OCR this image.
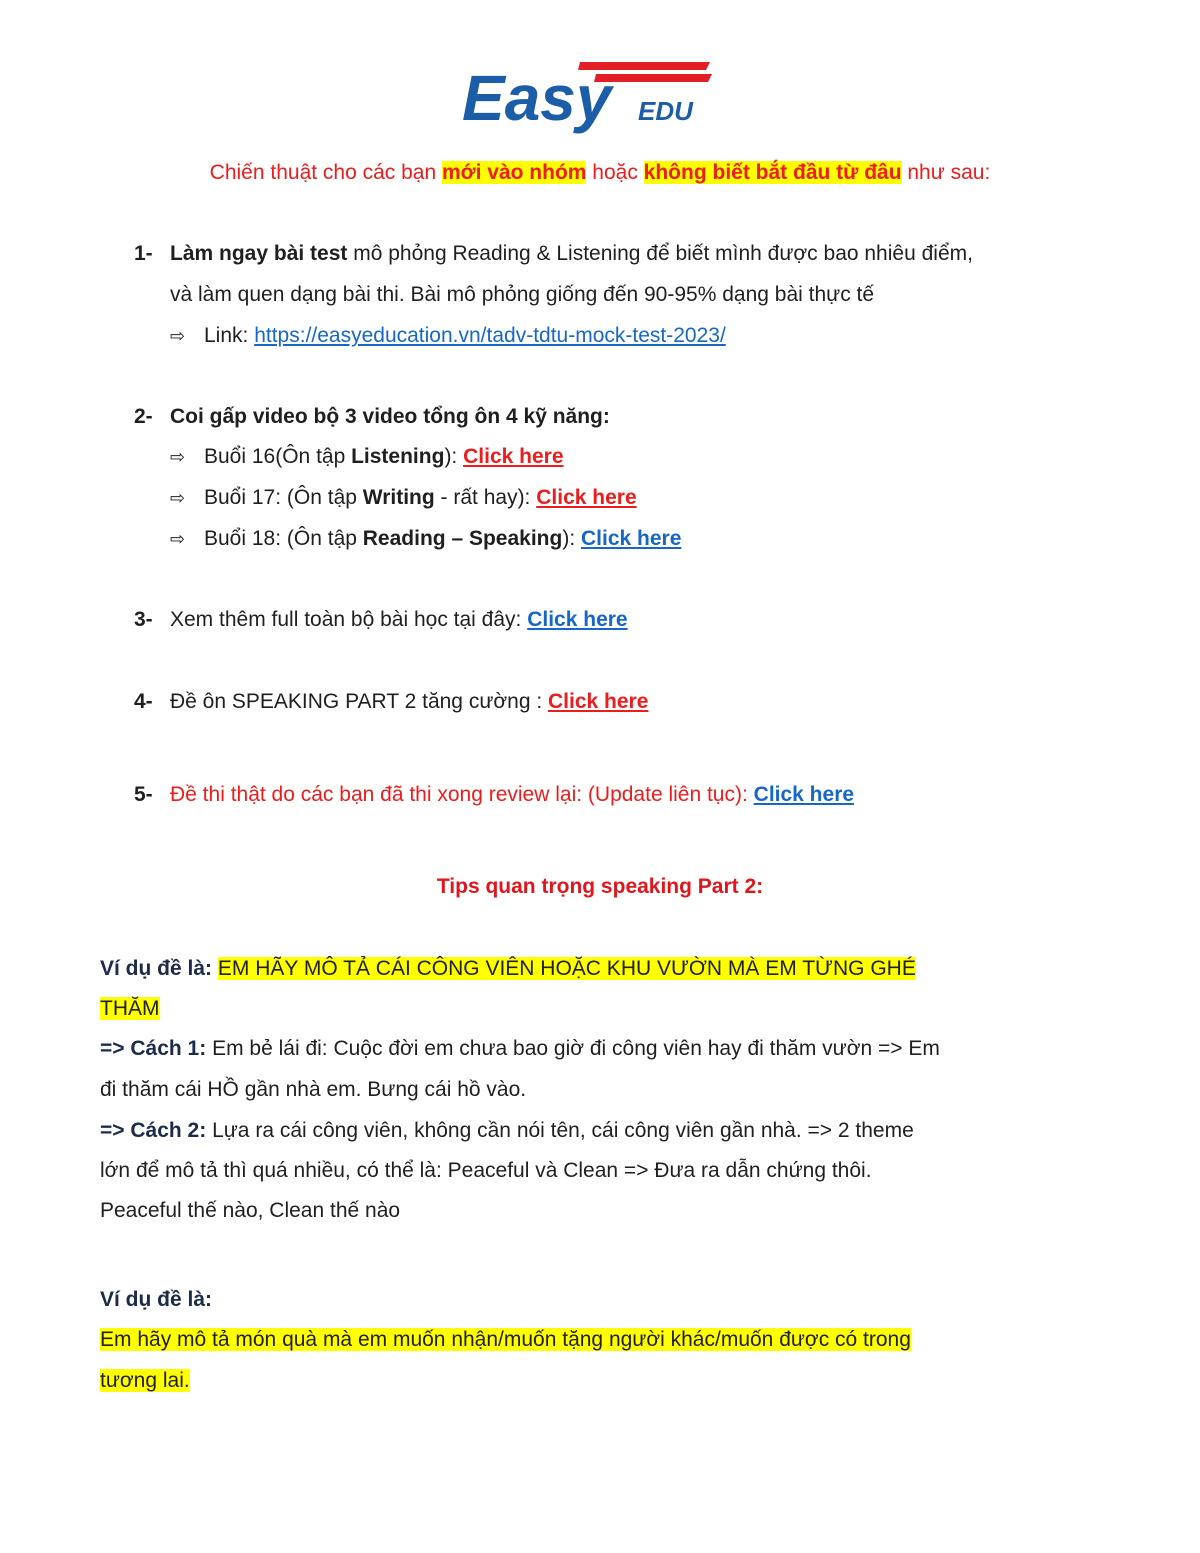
Easy EDU
Chiến thuật cho các bạn mới vào nhóm hoặc không biết bắt đầu từ đâu như sau:
1- Làm ngay bài test mô phỏng Reading & Listening để biết mình được bao nhiêu điểm,
và làm quen dạng bài thi. Bài mô phỏng giống đến 90-95% dạng bài thực tế
⇨ Link: https://easyeducation.vn/tadv-tdtu-mock-test-2023/
2- Coi gấp video bộ 3 video tổng ôn 4 kỹ năng:
⇨ Buổi 16(Ôn tập Listening): Click here
⇨ Buổi 17: (Ôn tập Writing - rất hay): Click here
⇨ Buổi 18: (Ôn tập Reading – Speaking): Click here
3- Xem thêm full toàn bộ bài học tại đây: Click here
4- Đề ôn SPEAKING PART 2 tăng cường : Click here
5- Đề thi thật do các bạn đã thi xong review lại: (Update liên tục): Click here
Tips quan trọng speaking Part 2:
Ví dụ đề là: EM HÃY MÔ TẢ CÁI CÔNG VIÊN HOẶC KHU VƯỜN MÀ EM TỪNG GHÉ
THĂM
=> Cách 1: Em bẻ lái đi: Cuộc đời em chưa bao giờ đi công viên hay đi thăm vườn => Em
đi thăm cái HỒ gần nhà em. Bưng cái hồ vào.
=> Cách 2: Lựa ra cái công viên, không cần nói tên, cái công viên gần nhà. => 2 theme
lớn để mô tả thì quá nhiều, có thể là: Peaceful và Clean => Đưa ra dẫn chứng thôi.
Peaceful thế nào, Clean thế nào
Ví dụ đề là:
Em hãy mô tả món quà mà em muốn nhận/muốn tặng người khác/muốn được có trong
tương lai.
